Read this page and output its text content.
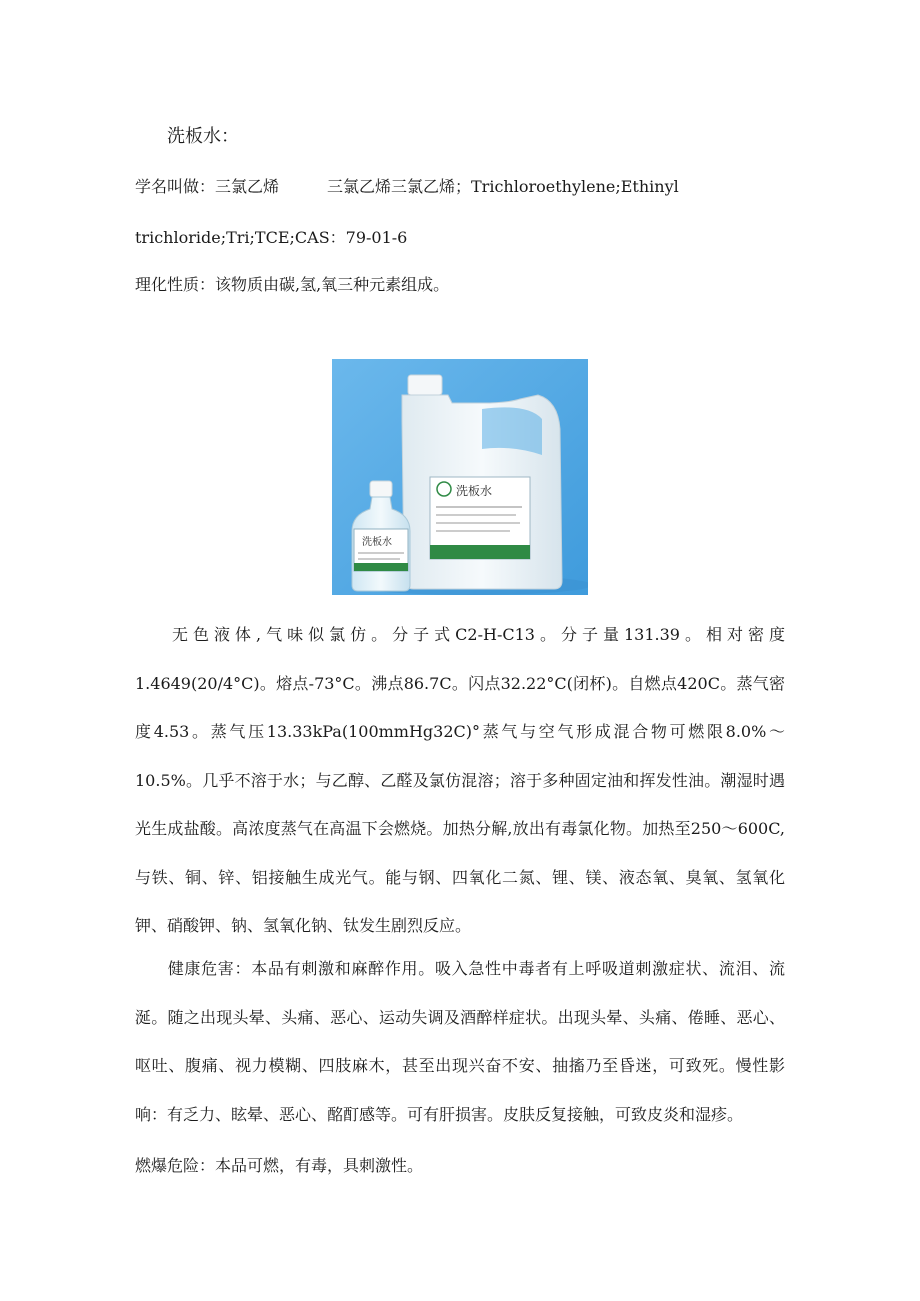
洗板水：
学名叫做：三氯乙烯　　　三氯乙烯三氯乙烯；Trichloroethylene;Ethinyl
trichloride;Tri;TCE;CAS：79-01-6
理化性质：该物质由碳,氢,氧三种元素组成。
洗板水
洗板水
无色液体,气味似氯仿。分子式C2-H-C13。分子量131.39。相对密度1.4649(20/4°C)。熔点-73°C。沸点86.7C。闪点32.22°C(闭杯)。自燃点420C。蒸气密度4.53。蒸气压13.33kPa(100mmHg32C)°蒸气与空气形成混合物可燃限8.0%～10.5%。几乎不溶于水；与乙醇、乙醛及氯仿混溶；溶于多种固定油和挥发性油。潮湿时遇光生成盐酸。高浓度蒸气在高温下会燃烧。加热分解,放出有毒氯化物。加热至250～600C,与铁、铜、锌、铝接触生成光气。能与钢、四氧化二氮、锂、镁、液态氧、臭氧、氢氧化钾、硝酸钾、钠、氢氧化钠、钛发生剧烈反应。
健康危害：本品有刺激和麻醉作用。吸入急性中毒者有上呼吸道刺激症状、流泪、流涎。随之出现头晕、头痛、恶心、运动失调及酒醉样症状。出现头晕、头痛、倦睡、恶心、呕吐、腹痛、视力模糊、四肢麻木，甚至出现兴奋不安、抽搐乃至昏迷，可致死。慢性影响：有乏力、眩晕、恶心、酩酊感等。可有肝损害。皮肤反复接触，可致皮炎和湿疹。
燃爆危险：本品可燃，有毒，具刺激性。
